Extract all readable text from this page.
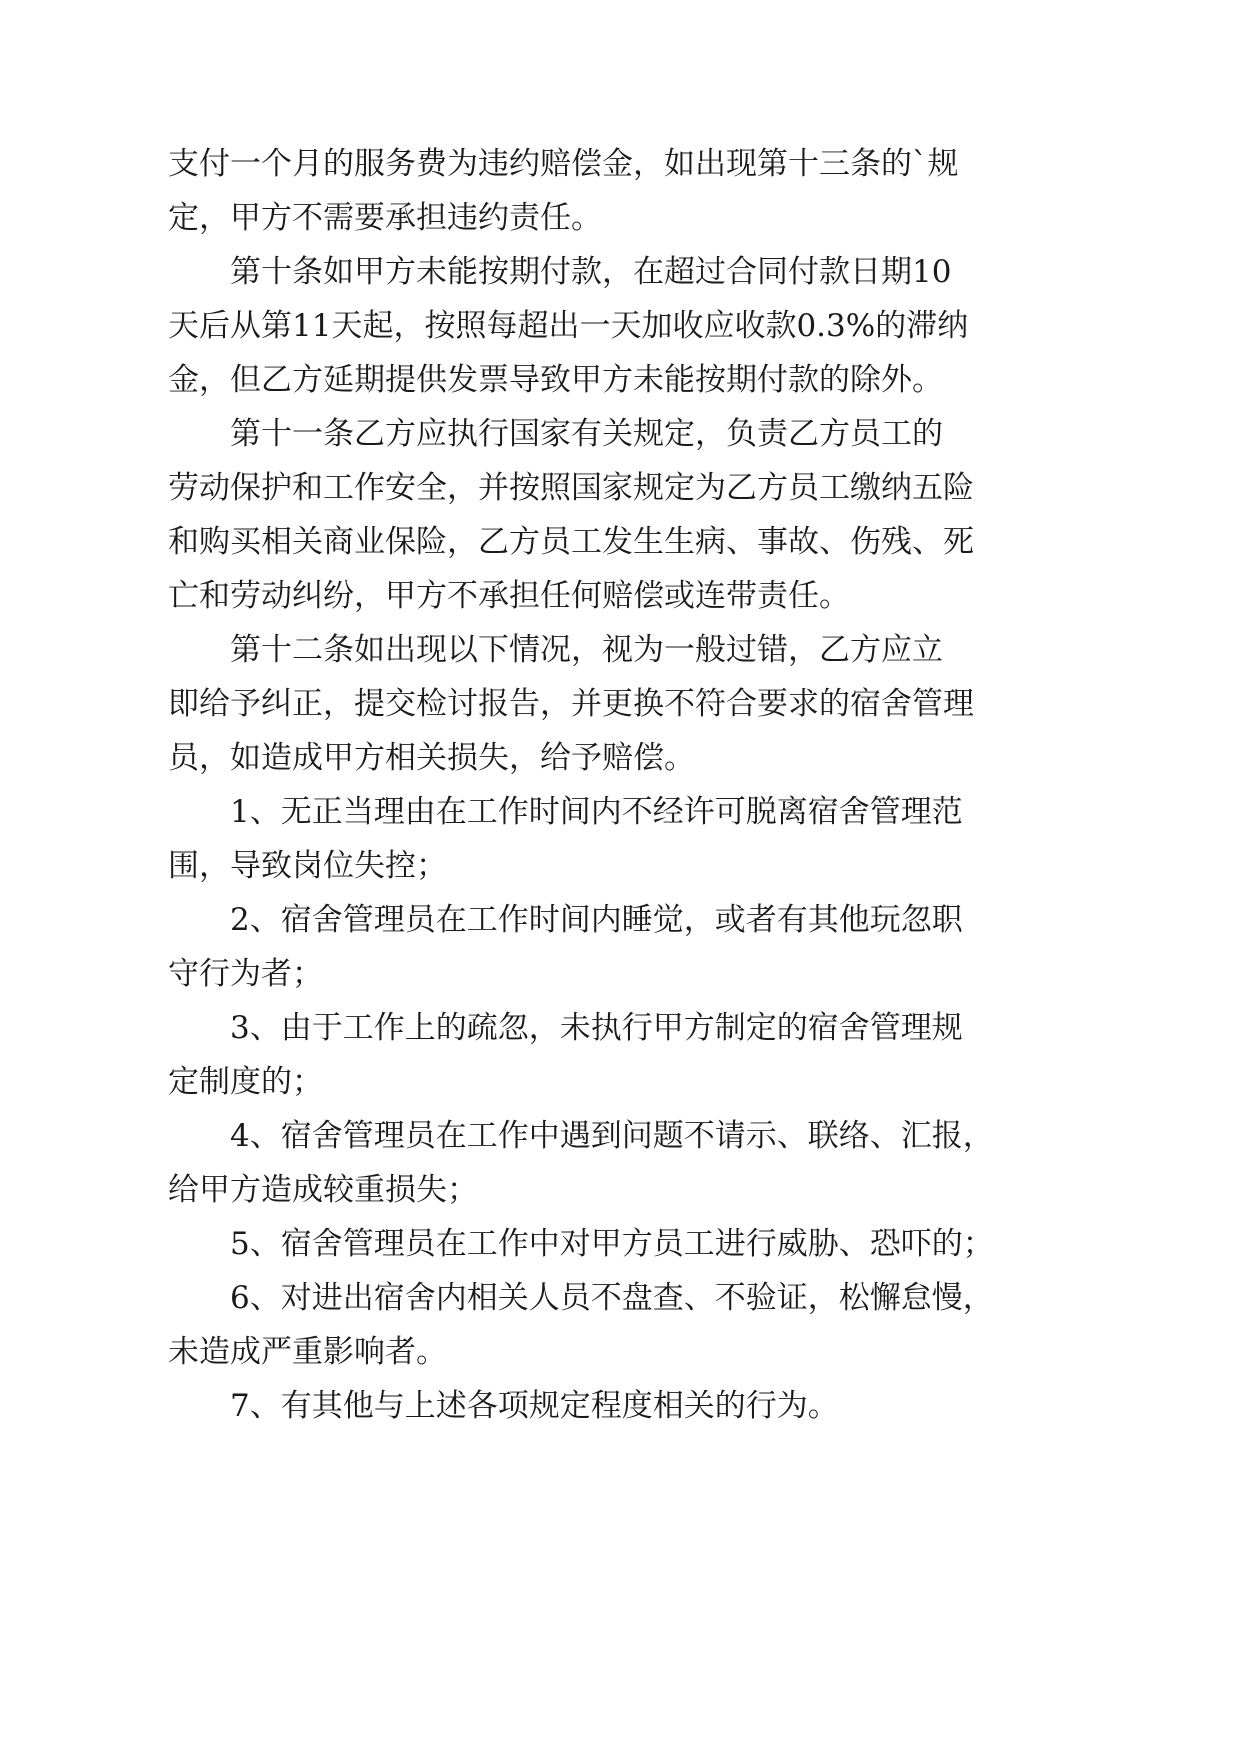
支 付 一 个 月 的 服 务 费 为 违 约 赔 偿 金 ， 如 出 现 第 十 三 条 的 ` 规

定，甲方不需要承担违约责任。

第 十 条 如 甲 方 未 能 按 期 付 款 ， 在 超 过 合 同 付 款 日 期 10

天 后 从 第 11 天 起 ， 按 照 每 超 出 一 天 加 收 应 收 款 0.3% 的 滞 纳

金 ， 但 乙 方 延 期 提 供 发 票 导 致 甲 方 未 能 按 期 付 款 的 除 外 。

第 十 一 条 乙 方 应 执 行 国 家 有 关 规 定 ， 负 责 乙 方 员 工 的

劳 动 保 护 和 工 作 安 全 ， 并 按 照 国 家 规 定 为 乙 方 员 工 缴 纳 五 险

和 购 买 相 关 商 业 保 险 ， 乙 方 员 工 发 生 生 病 、 事 故 、 伤 残 、 死

亡 和 劳 动 纠 纷 ， 甲 方 不 承 担 任 何 赔 偿 或 连 带 责 任 。

第 十 二 条 如 出 现 以 下 情 况 ， 视 为 一 般 过 错 ， 乙 方 应 立

即 给 予 纠 正 ， 提 交 检 讨 报 告 ， 并 更 换 不 符 合 要 求 的 宿 舍 管 理

员 ， 如 造 成 甲 方 相 关 损 失 ， 给 予 赔 偿 。

1 、 无 正 当 理 由 在 工 作 时 间 内 不 经 许 可 脱 离 宿 舍 管 理 范

围 ， 导 致 岗 位 失 控 ；

2 、 宿 舍 管 理 员 在 工 作 时 间 内 睡 觉 ， 或 者 有 其 他 玩 忽 职

守 行 为 者 ；

3 、 由 于 工 作 上 的 疏 忽 ， 未 执 行 甲 方 制 定 的 宿 舍 管 理 规

定 制 度 的 ；

4 、 宿 舍 管 理 员 在 工 作 中 遇 到 问 题 不 请 示 、 联 络 、 汇 报 ，

给 甲 方 造 成 较 重 损 失 ；

5 、 宿 舍 管 理 员 在 工 作 中 对 甲 方 员 工 进 行 威 胁 、 恐 吓 的 ；

6 、 对 进 出 宿 舍 内 相 关 人 员 不 盘 查 、 不 验 证 ， 松 懈 怠 慢 ，

未 造 成 严 重 影 响 者 。

7 、 有 其 他 与 上 述 各 项 规 定 程 度 相 关 的 行 为 。
